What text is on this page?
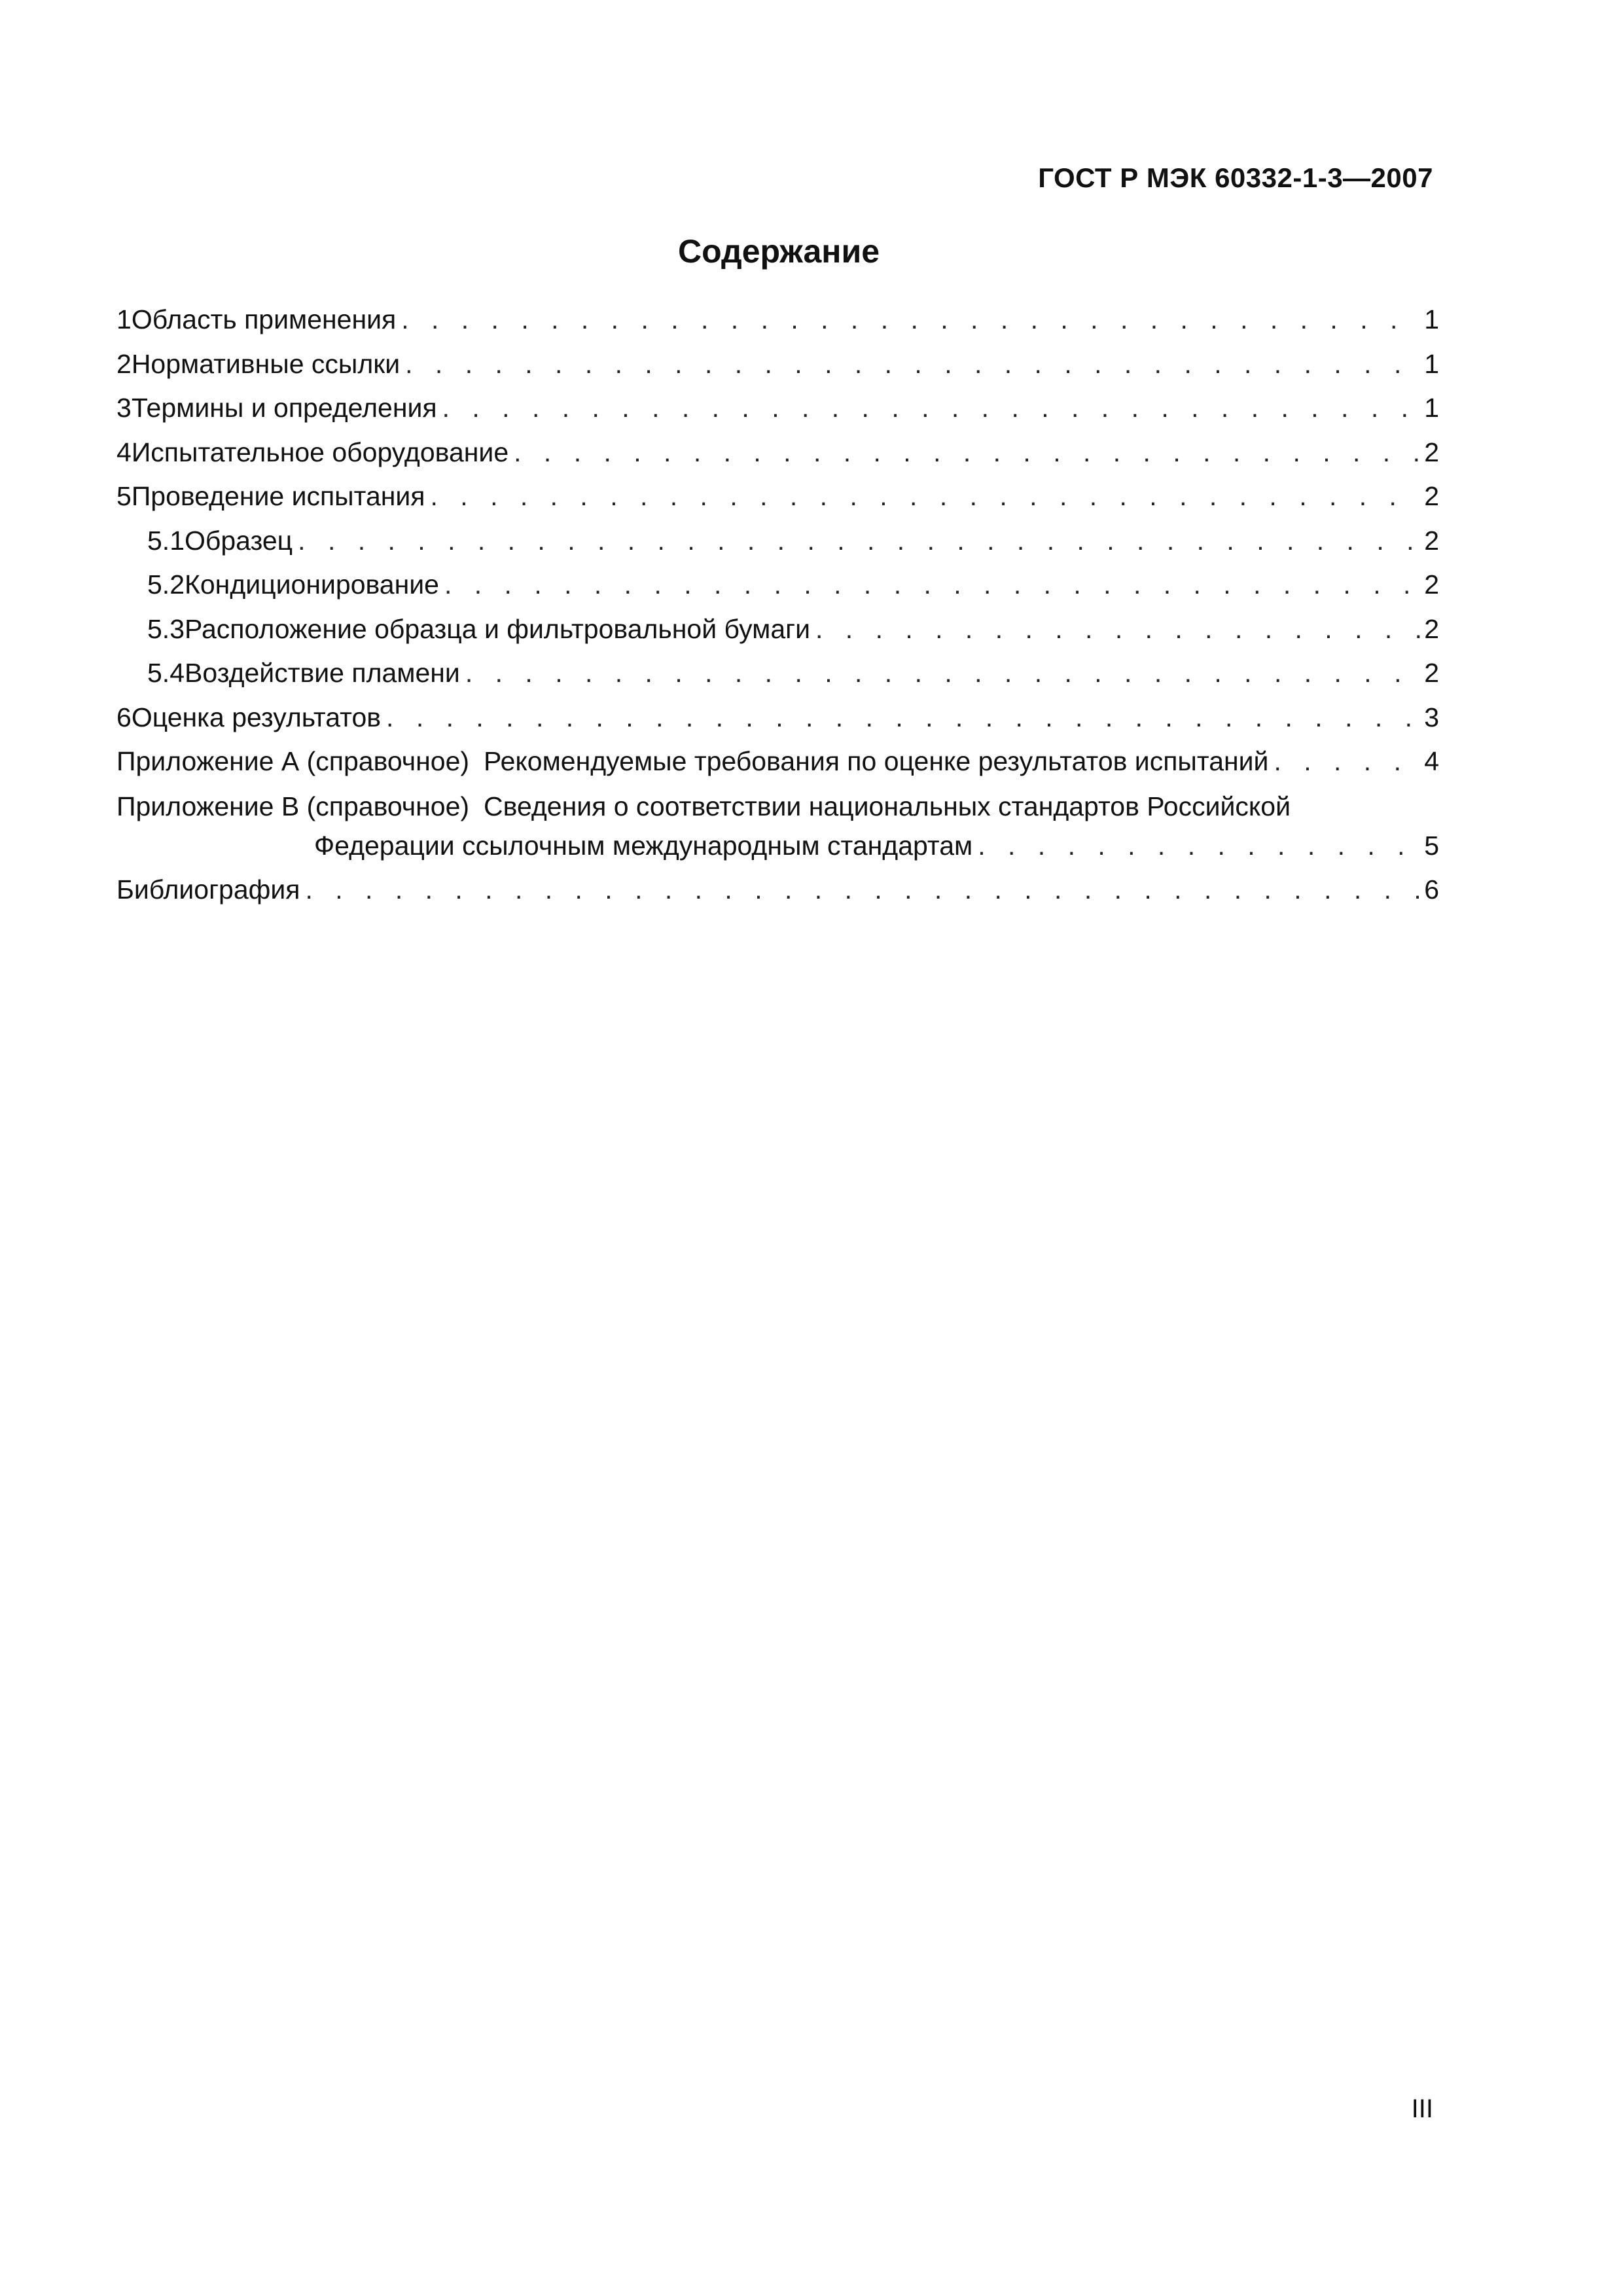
ГОСТ Р МЭК 60332-1-3—2007
Содержание
1 Область применения . . .	1
2 Нормативные ссылки . . .	1
3 Термины и определения . . .	1
4 Испытательное оборудование . . .	2
5 Проведение испытания . . .	2
5.1 Образец . . .	2
5.2 Кондиционирование . . .	2
5.3 Расположение образца и фильтровальной бумаги . . .	2
5.4 Воздействие пламени . . .	2
6 Оценка результатов . . .	3
Приложение А (справочное) Рекомендуемые требования по оценке результатов испытаний . . .	4
Приложение В (справочное) Сведения о соответствии национальных стандартов Российской
Федерации ссылочным международным стандартам . . .	5
Библиография . . .	6
III
